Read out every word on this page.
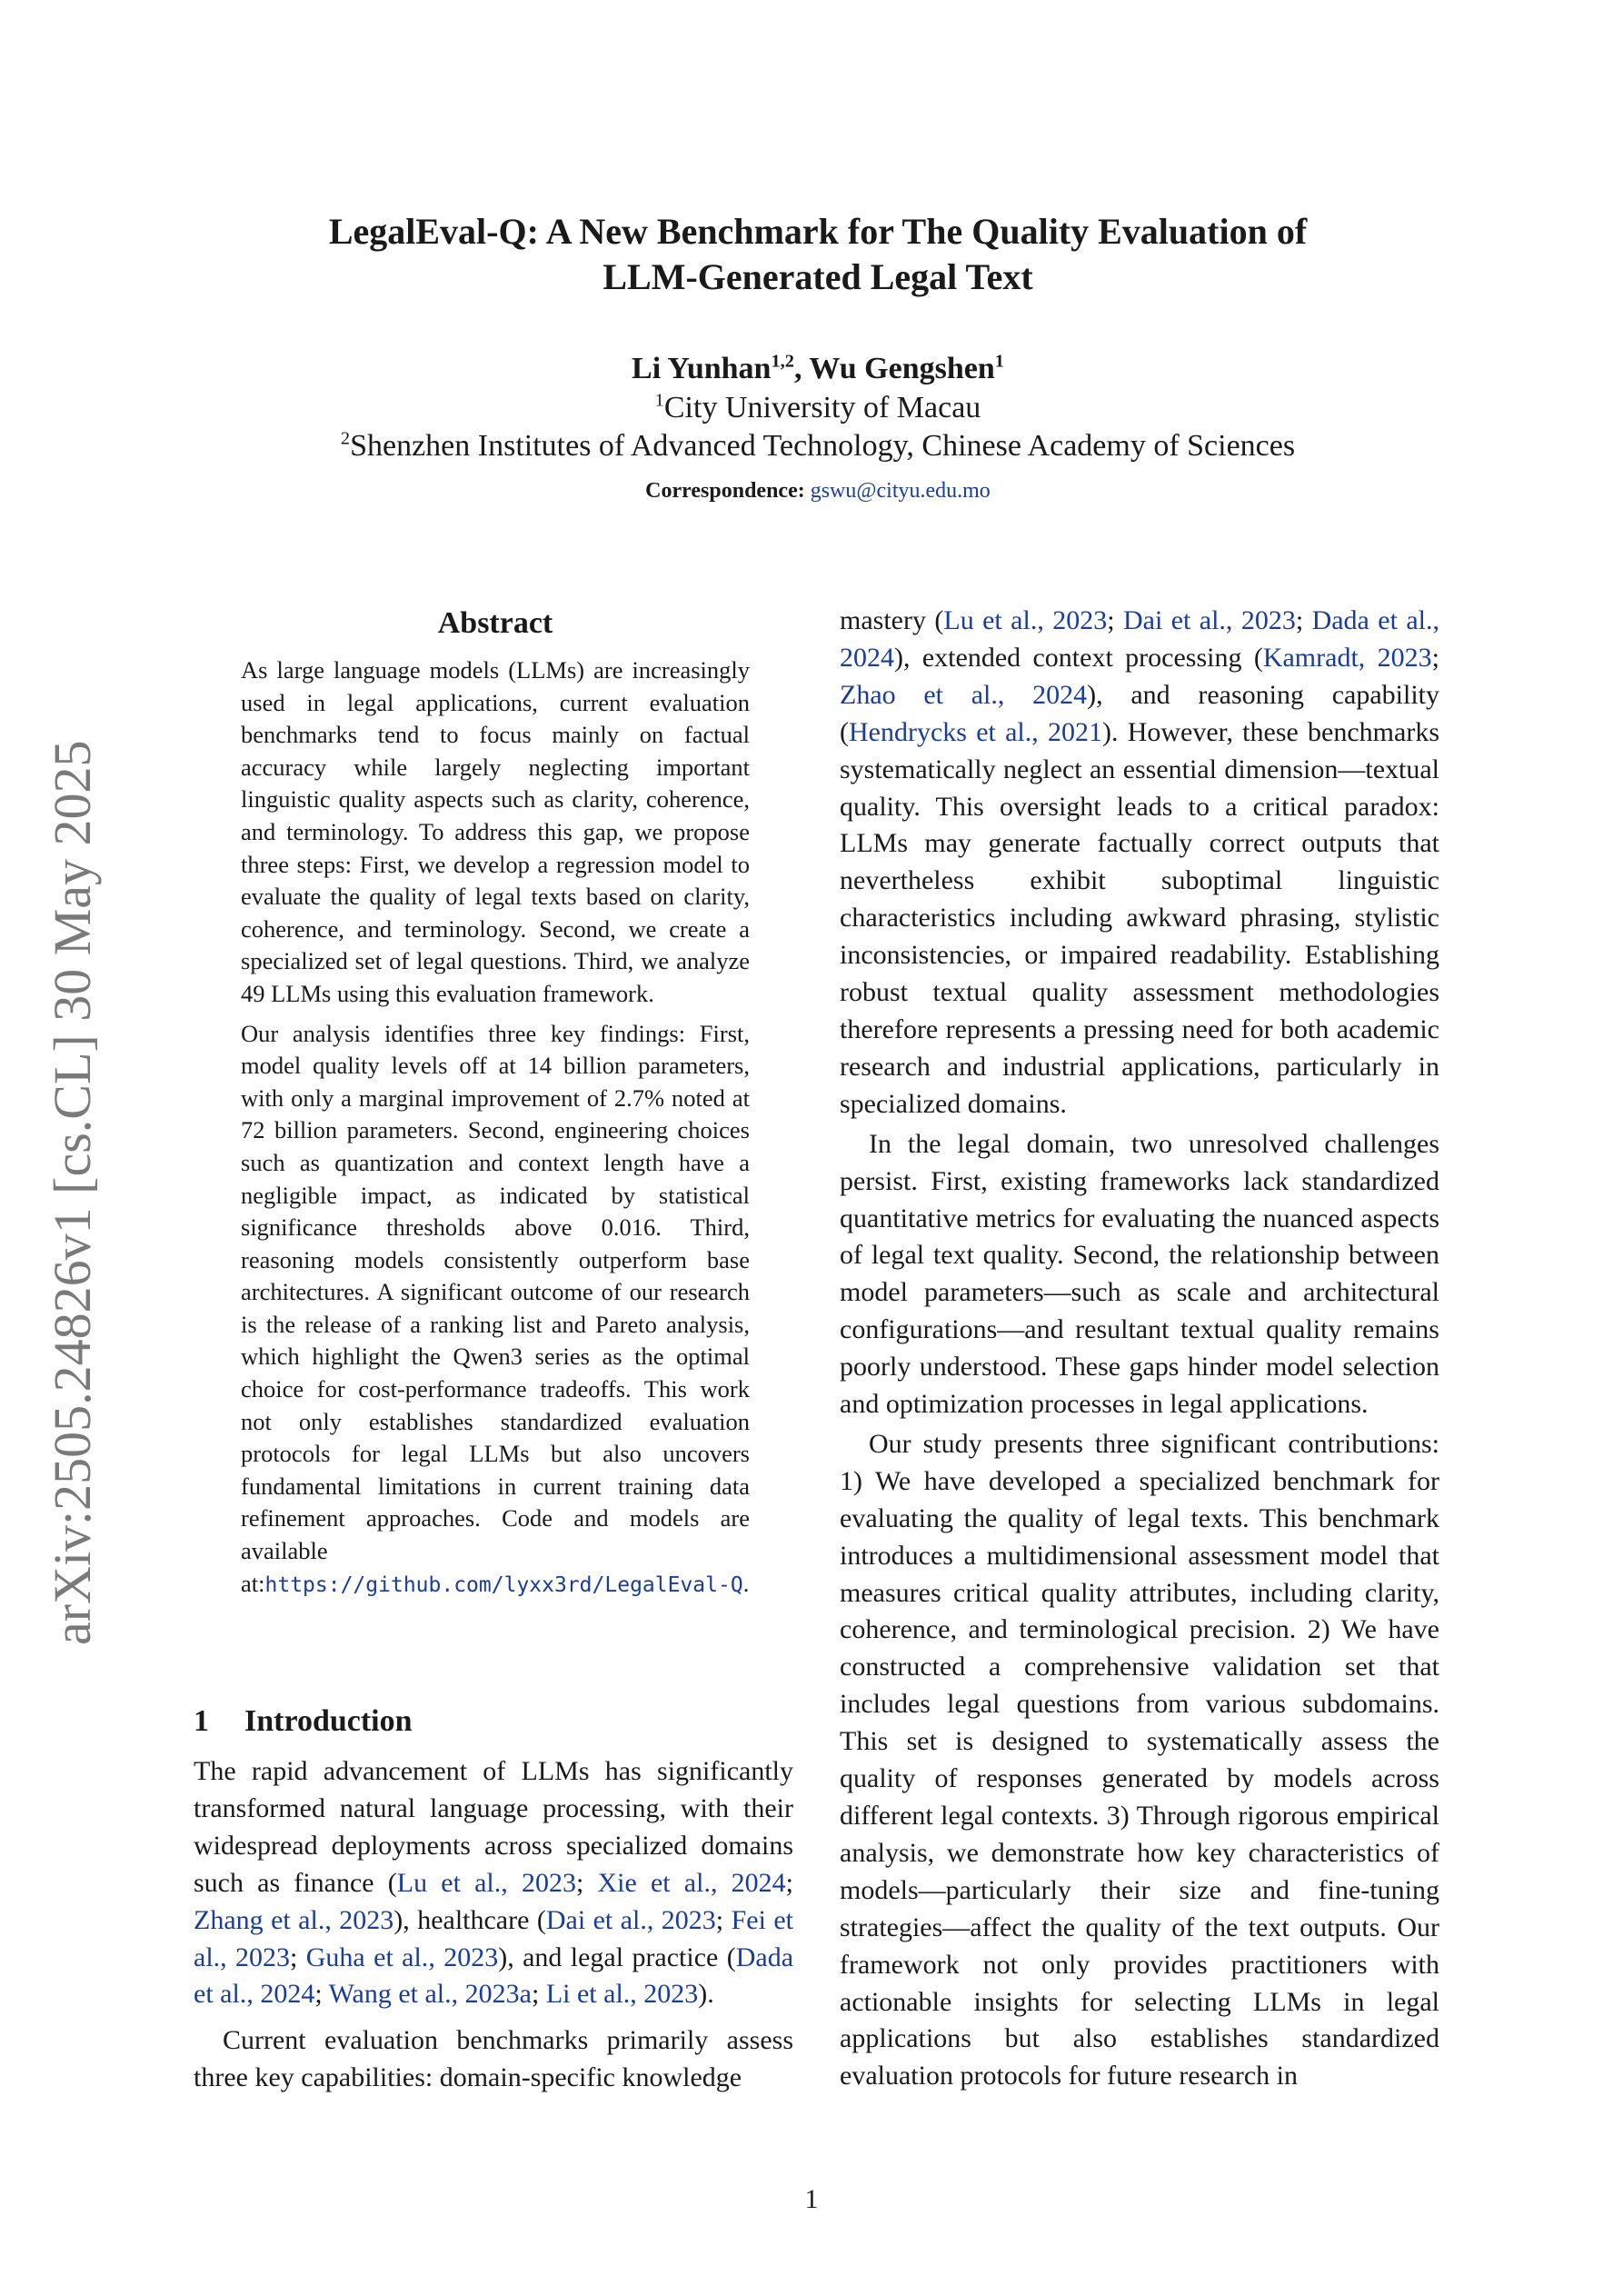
arXiv:2505.24826v1 [cs.CL] 30 May 2025
LegalEval-Q: A New Benchmark for The Quality Evaluation of
LLM-Generated Legal Text
Li Yunhan$^{1,2}$, Wu Gengshen$^1$
$^1$City University of Macau
$^2$Shenzhen Institutes of Advanced Technology, Chinese Academy of Sciences
Correspondence: gswu@cityu.edu.mo
Abstract

As large language models (LLMs) are increasingly used in legal applications, current evaluation benchmarks tend to focus mainly on factual accuracy while largely neglecting important linguistic quality aspects such as clarity, coherence, and terminology. To address this gap, we propose three steps: First, we develop a regression model to evaluate the quality of legal texts based on clarity, coherence, and terminology. Second, we create a specialized set of legal questions. Third, we analyze 49 LLMs using this evaluation framework.

Our analysis identifies three key findings: First, model quality levels off at 14 billion parameters, with only a marginal improvement of 2.7% noted at 72 billion parameters. Second, engineering choices such as quantization and context length have a negligible impact, as indicated by statistical significance thresholds above 0.016. Third, reasoning models consistently outperform base architectures. A significant outcome of our research is the release of a ranking list and Pareto analysis, which highlight the Qwen3 series as the optimal choice for cost-performance tradeoffs. This work not only establishes standardized evaluation protocols for legal LLMs but also uncovers fundamental limitations in current training data refinement approaches. Code and models are available at:https://github.com/lyxx3rd/LegalEval-Q.

1 Introduction

The rapid advancement of LLMs has significantly transformed natural language processing, with their widespread deployments across specialized domains such as finance (Lu et al., 2023; Xie et al., 2024; Zhang et al., 2023), healthcare (Dai et al., 2023; Fei et al., 2023; Guha et al., 2023), and legal practice (Dada et al., 2024; Wang et al., 2023a; Li et al., 2023).

Current evaluation benchmarks primarily assess three key capabilities: domain-specific knowledge

mastery (Lu et al., 2023; Dai et al., 2023; Dada et al., 2024), extended context processing (Kamradt, 2023; Zhao et al., 2024), and reasoning capability (Hendrycks et al., 2021). However, these benchmarks systematically neglect an essential dimension—textual quality. This oversight leads to a critical paradox: LLMs may generate factually correct outputs that nevertheless exhibit suboptimal linguistic characteristics including awkward phrasing, stylistic inconsistencies, or impaired readability. Establishing robust textual quality assessment methodologies therefore represents a pressing need for both academic research and industrial applications, particularly in specialized domains.

In the legal domain, two unresolved challenges persist. First, existing frameworks lack standardized quantitative metrics for evaluating the nuanced aspects of legal text quality. Second, the relationship between model parameters—such as scale and architectural configurations—and resultant textual quality remains poorly understood. These gaps hinder model selection and optimization processes in legal applications.

Our study presents three significant contributions: 1) We have developed a specialized benchmark for evaluating the quality of legal texts. This benchmark introduces a multidimensional assessment model that measures critical quality attributes, including clarity, coherence, and terminological precision. 2) We have constructed a comprehensive validation set that includes legal questions from various subdomains. This set is designed to systematically assess the quality of responses generated by models across different legal contexts. 3) Through rigorous empirical analysis, we demonstrate how key characteristics of models—particularly their size and fine-tuning strategies—affect the quality of the text outputs. Our framework not only provides practitioners with actionable insights for selecting LLMs in legal applications but also establishes standardized evaluation protocols for future research in

1
